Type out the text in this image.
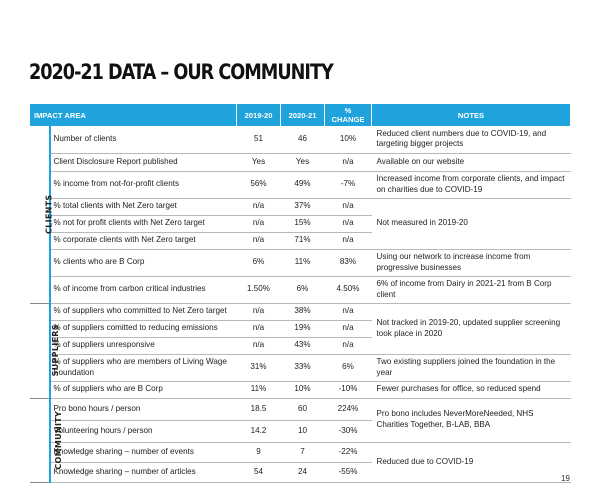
2020-21 DATA – OUR COMMUNITY
IMPACT AREA		2019-20	2020-21	% CHANGE	NOTES
CLIENTS	Number of clients	51	46	10%	Reduced client numbers due to COVID-19, and targeting bigger projects
	Client Disclosure Report published	Yes	Yes	n/a	Available on our website
	% income from not-for-profit clients	56%	49%	-7%	Increased income from corporate clients, and impact on charities due to COVID-19
	% total clients with Net Zero target	n/a	37%	n/a	Not measured in 2019-20
	% not for profit clients with Net Zero target	n/a	15%	n/a	
	% corporate clients with Net Zero target	n/a	71%	n/a	
	% clients who are B Corp	6%	11%	83%	Using our network to increase income from progressive businesses
	% of income from carbon critical industries	1.50%	6%	4.50%	6% of income from Dairy in 2021-21 from B Corp client
SUPPLIERS	% of suppliers who committed to Net Zero target	n/a	38%	n/a	Not tracked in 2019-20, updated supplier screening took place in 2020
	% of suppliers comitted to reducing emissions	n/a	19%	n/a	
	% of suppliers unresponsive	n/a	43%	n/a	
	% of suppliers who are members of Living Wage Foundation	31%	33%	6%	Two existing suppliers joined the foundation in the year
	% of suppliers who are B Corp	11%	10%	-10%	Fewer purchases for office, so reduced spend
COMMUNITY	Pro bono hours / person	18.5	60	224%	Pro bono includes NeverMoreNeeded, NHS Charities Together, B-LAB, BBA
	Volunteering hours / person	14.2	10	-30%	
	Knowledge sharing – number of events	9	7	-22%	Reduced due to COVID-19
	Knowledge sharing – number of articles	54	24	-55%	
19
